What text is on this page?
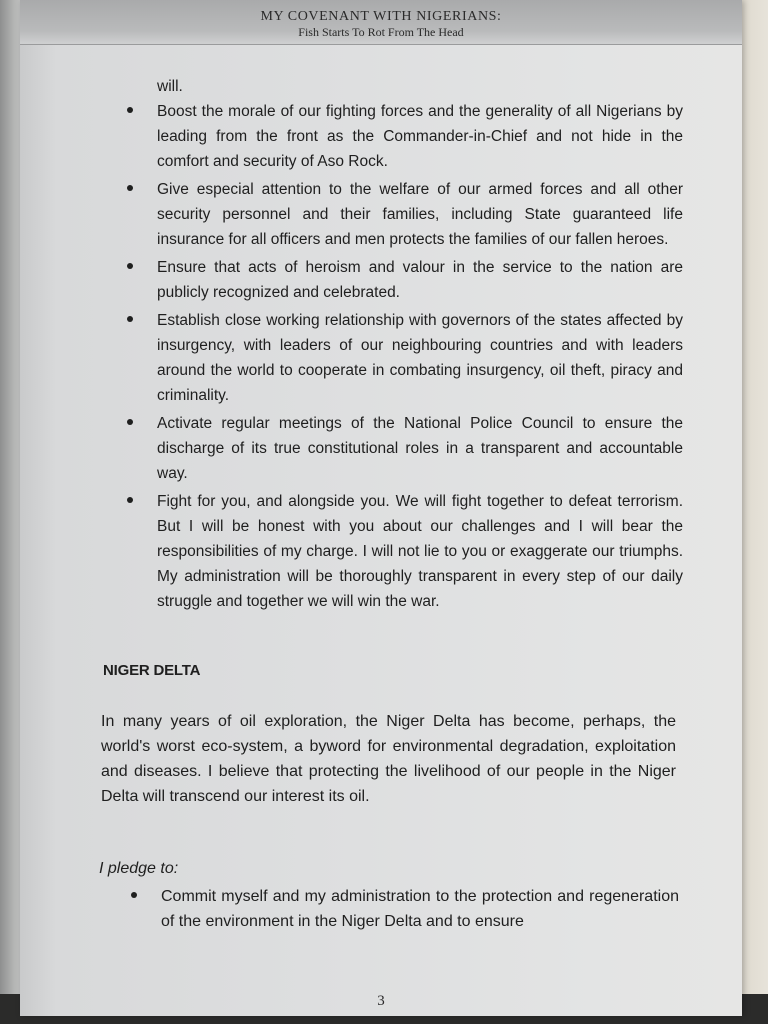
MY COVENANT WITH NIGERIANS:
Fish Starts To Rot From The Head
will.
Boost the morale of our fighting forces and the generality of all Nigerians by leading from the front as the Commander-in-Chief and not hide in the comfort and security of Aso Rock.
Give especial attention to the welfare of our armed forces and all other security personnel and their families, including State guaranteed life insurance for all officers and men protects the families of our fallen heroes.
Ensure that acts of heroism and valour in the service to the nation are publicly recognized and celebrated.
Establish close working relationship with governors of the states affected by insurgency, with leaders of our neighbouring countries and with leaders around the world to cooperate in combating insurgency, oil theft, piracy and criminality.
Activate regular meetings of the National Police Council to ensure the discharge of its true constitutional roles in a transparent and accountable way.
Fight for you, and alongside you. We will fight together to defeat terrorism. But I will be honest with you about our challenges and I will bear the responsibilities of my charge. I will not lie to you or exaggerate our triumphs. My administration will be thoroughly transparent in every step of our daily struggle and together we will win the war.
NIGER DELTA
In many years of oil exploration, the Niger Delta has become, perhaps, the world's worst eco-system, a byword for environmental degradation, exploitation and diseases. I believe that protecting the livelihood of our people in the Niger Delta will transcend our interest its oil.
I pledge to:
Commit myself and my administration to the protection and regeneration of the environment in the Niger Delta and to ensure
3
